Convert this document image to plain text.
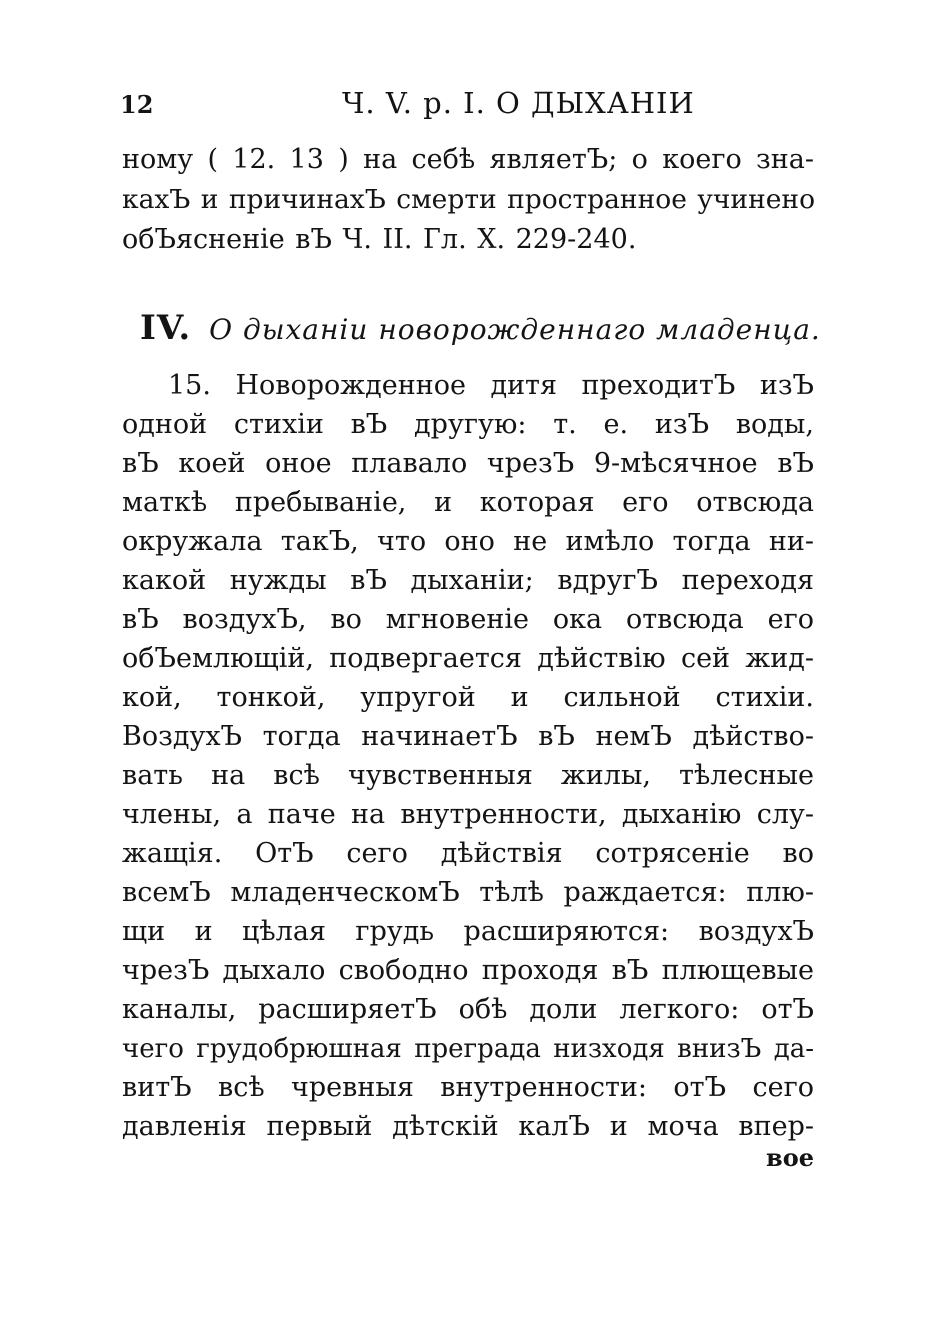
12	Ч. V. р. I. О ДЫХАНIИ
ному ( 12. 13 ) на себѣ являетЪ; о коего зна-
кахЪ и причинахЪ смерти пространное учинено
обЪясненiе вЪ Ч. II. Гл. X. 229-240.
IV. О дыханiи новорожденнаго младенца.
15. Новорожденное дитя преходитЪ изЪ
одной стихiи вЪ другую: т. е. изЪ воды,
вЪ коей оное плавало чрезЪ 9-мѣсячное вЪ
маткѣ пребыванiе, и которая его отвсюда
окружала такЪ, что оно не имѣло тогда ни-
какой нужды вЪ дыханiи; вдругЪ переходя
вЪ воздухЪ, во мгновенiе ока отвсюда его
обЪемлющiй, подвергается дѣйствiю сей жид-
кой, тонкой, упругой и сильной стихiи.
ВоздухЪ тогда начинаетЪ вЪ немЪ дѣйство-
вать на всѣ чувственныя жилы, тѣлесные
члены, а паче на внутренности, дыханiю слу-
жащiя. ОтЪ сего дѣйствiя сотрясенiе во
всемЪ младенческомЪ тѣлѣ раждается: плю-
щи и цѣлая грудь расширяются: воздухЪ
чрезЪ дыхало свободно проходя вЪ плющевые
каналы, расширяетЪ обѣ доли легкого: отЪ
чего грудобрюшная преграда низходя внизЪ да-
витЪ всѣ чревныя внутренности: отЪ сего
давленiя первый дѣтскiй калЪ и моча впер-
вое
